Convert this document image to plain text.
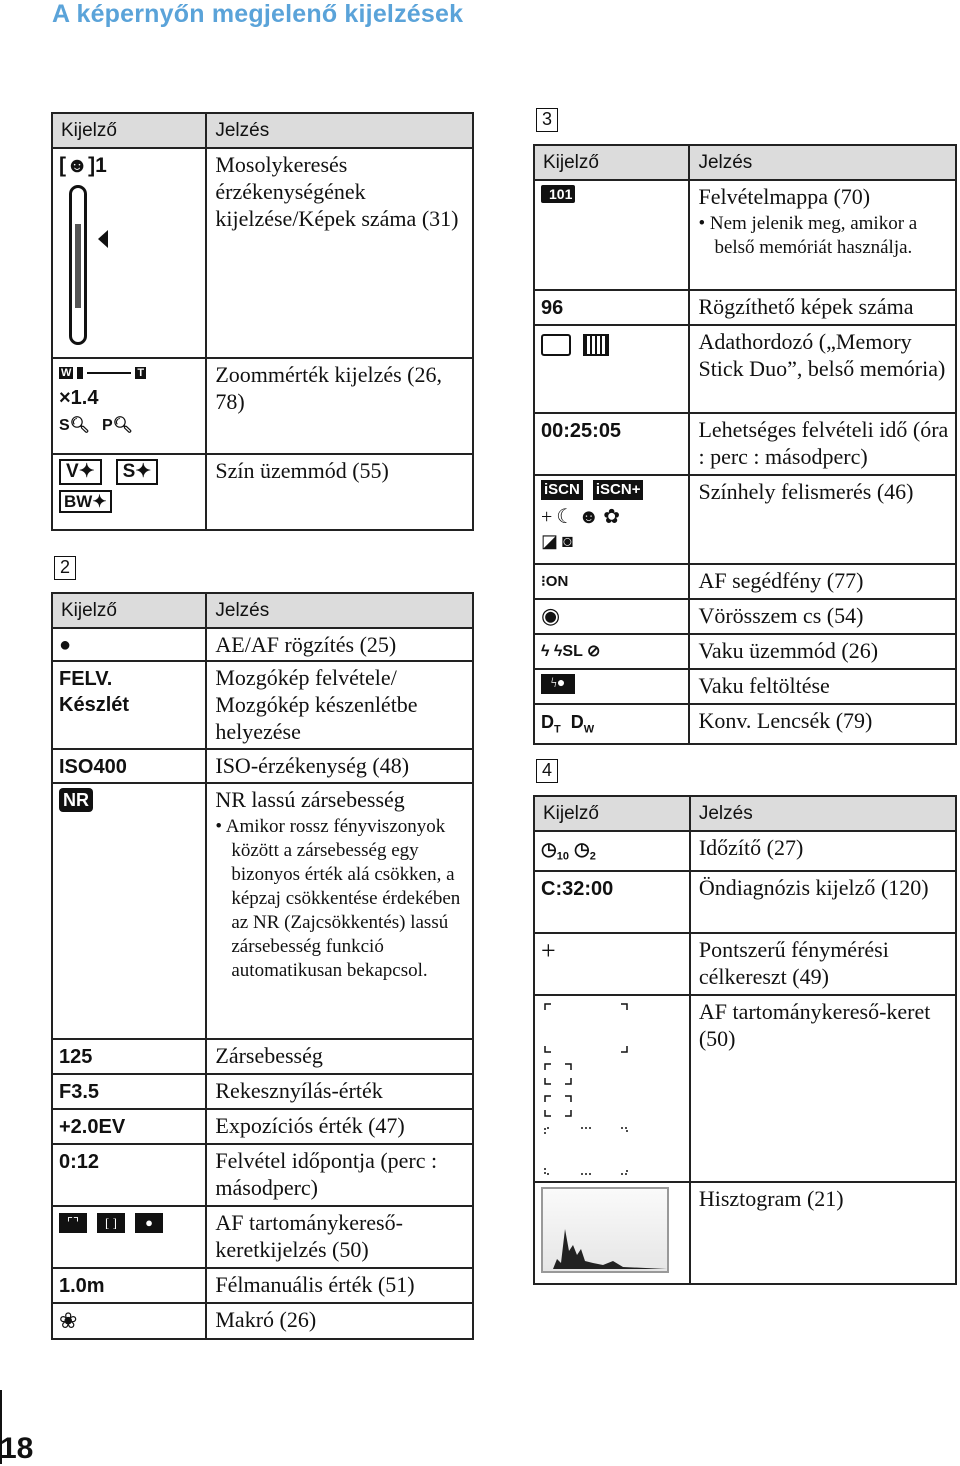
A képernyőn megjelenő kijelzések
Kijelző	Jelzés

[☻]1	Mosolykeresés érzékenységének kijelzése/Képek száma (31)

W T
×1.4
S🔍︎ P🔍︎	Zoommérték kijelzés (26, 78)

V✦ S✦
BW✦	Szín üzemmód (55)
2
Kijelző	Jelzés
●	AE/AF rögzítés (25)
FELV.
Készlét	Mozgókép felvétele/ Mozgókép készenlétbe helyezése
ISO400	ISO-érzékenység (48)
NR	NR lassú zársebesség
• Amikor rossz fényviszonyok között a zársebesség egy bizonyos érték alá csökken, a képzaj csökkentése érdekében az NR (Zajcsökkentés) lassú zársebesség funkció automatikusan bekapcsol.

125	Zársebesség
F3.5	Rekesznyílás-érték
+2.0EV	Expozíciós érték (47)
0:12	Felvétel időpontja (perc : másodperc)

⌜⌝ [ ] ●	AF tartománykereső-keretkijelzés (50)
1.0m	Félmanuális érték (51)
❀	Makró (26)
3
Kijelző	Jelzés
101	Felvételmappa (70)
• Nem jelenik meg, amikor a belső memóriát használja.

96	Rögzíthető képek száma

	Adathordozó („Memory Stick Duo”, belső memória)
00:25:05	Lehetséges felvételi idő (óra : perc : másodperc)

iSCN iSCN+
+☾☻✿
◪◙	Színhely felismerés (46)
⁝ON	AF segédfény (77)
◉	Vörösszem cs (54)
ϟ ϟSL ⊘	Vaku üzemmód (26)
ϟ●	Vaku feltöltése
$D_T$  $D_W$	Konv. Lencsék (79)
4
Kijelző	Jelzés
$◷_{10}$ $◷_2$	Időzítő (27)
C:32:00	Öndiagnózis kijelző (120)
+	Pontszerű fénymérési célkereszt (49)
	AF tartománykereső-keret (50)

	Hisztogram (21)
18
